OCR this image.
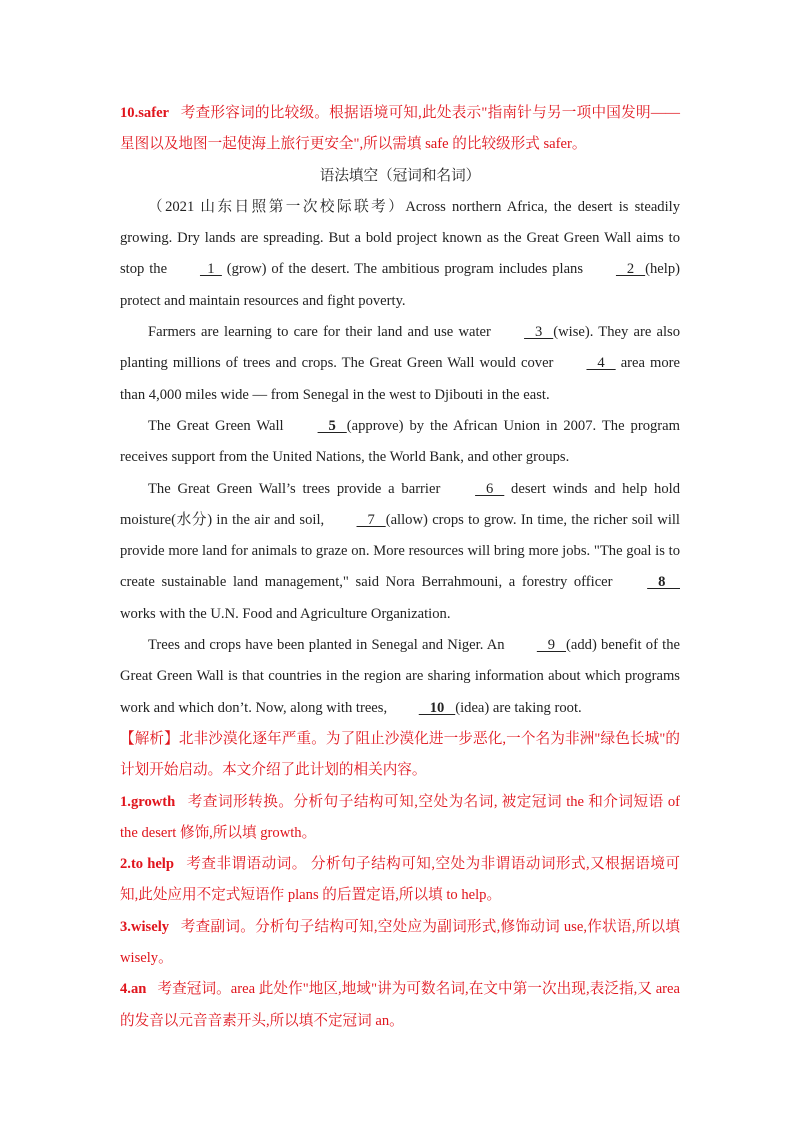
10.safer 考查形容词的比较级。根据语境可知,此处表示"指南针与另一项中国发明——星图以及地图一起使海上旅行更安全",所以需填 safe 的比较级形式 safer。

语法填空（冠词和名词）

（2021 山东日照第一次校际联考）Across northern Africa, the desert is steadily growing. Dry lands are spreading. But a bold project known as the Great Green Wall aims to stop the   1   (grow) of the desert. The ambitious program includes plans    2   (help) protect and maintain resources and fight poverty.

Farmers are learning to care for their land and use water    3   (wise). They are also planting millions of trees and crops. The Great Green Wall would cover    4    area more than 4,000 miles wide — from Senegal in the west to Djibouti in the east.

The Great Green Wall    5   (approve) by the African Union in 2007. The program receives support from the United Nations, the World Bank, and other groups.

The Great Green Wall’s trees provide a barrier    6    desert winds and help hold moisture(水分) in the air and soil,    7   (allow) crops to grow. In time, the richer soil will provide more land for animals to graze on. More resources will bring more jobs. "The goal is to create sustainable land management," said Nora Berrahmouni, a forestry officer    8     works with the U.N. Food and Agriculture Organization.

Trees and crops have been planted in Senegal and Niger. An    9   (add) benefit of the Great Green Wall is that countries in the region are sharing information about which programs work and which don’t. Now, along with trees,    10   (idea) are taking root.

【解析】北非沙漠化逐年严重。为了阻止沙漠化进一步恶化,一个名为非洲"绿色长城"的计划开始启动。本文介绍了此计划的相关内容。

1.growth 考查词形转换。分析句子结构可知,空处为名词, 被定冠词 the 和介词短语 of the desert 修饰,所以填 growth。

2.to help 考查非谓语动词。 分析句子结构可知,空处为非谓语动词形式,又根据语境可知,此处应用不定式短语作 plans 的后置定语,所以填 to help。

3.wisely 考查副词。分析句子结构可知,空处应为副词形式,修饰动词 use,作状语,所以填 wisely。

4.an 考查冠词。area 此处作"地区,地域"讲为可数名词,在文中第一次出现,表泛指,又 area 的发音以元音音素开头,所以填不定冠词 an。
